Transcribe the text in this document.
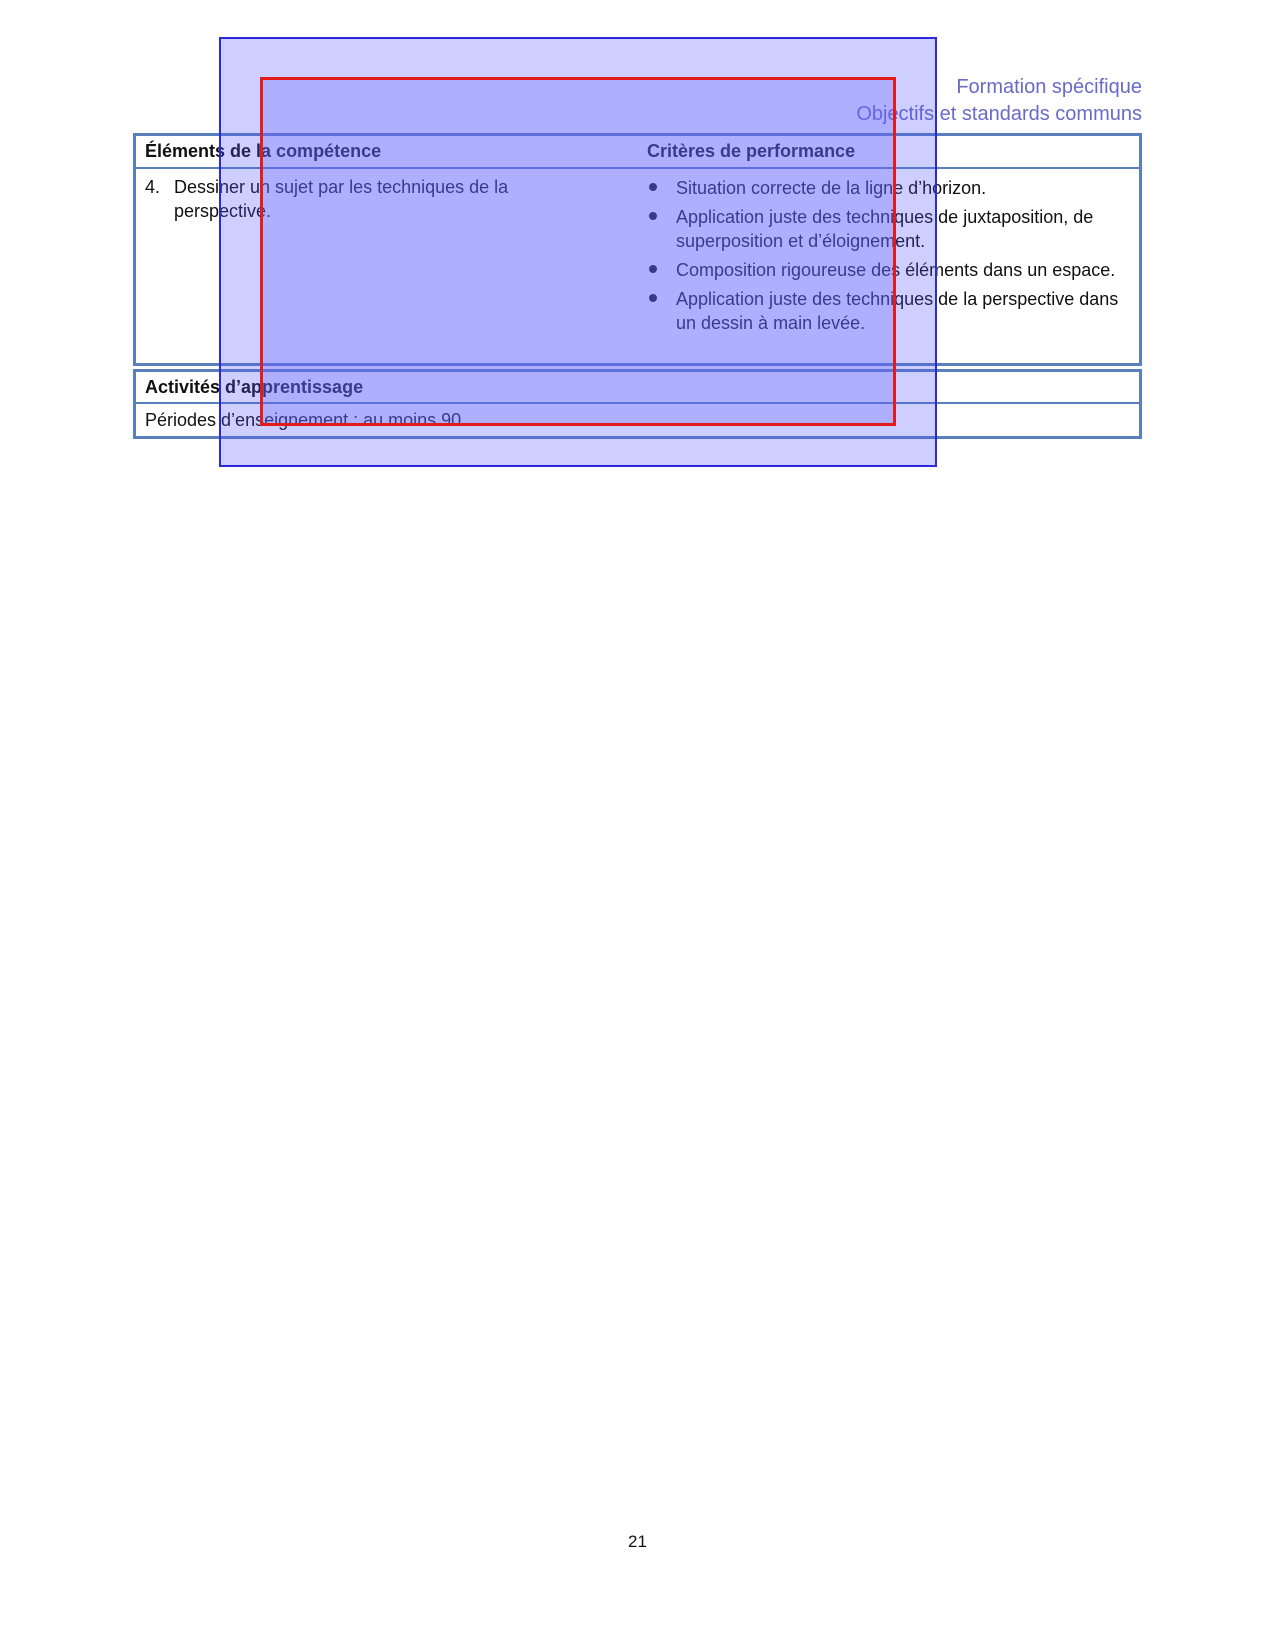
Formation spécifique
Objectifs et standards communs
Éléments de la compétence	Critères de performance
4. Dessiner un sujet par les techniques de la perspective.
Situation correcte de la ligne d’horizon.
Application juste des techniques de juxtaposition, de superposition et d’éloignement.
Composition rigoureuse des éléments dans un espace.
Application juste des techniques de la perspective dans un dessin à main levée.
Activités d’apprentissage
Périodes d’enseignement : au moins 90
21
